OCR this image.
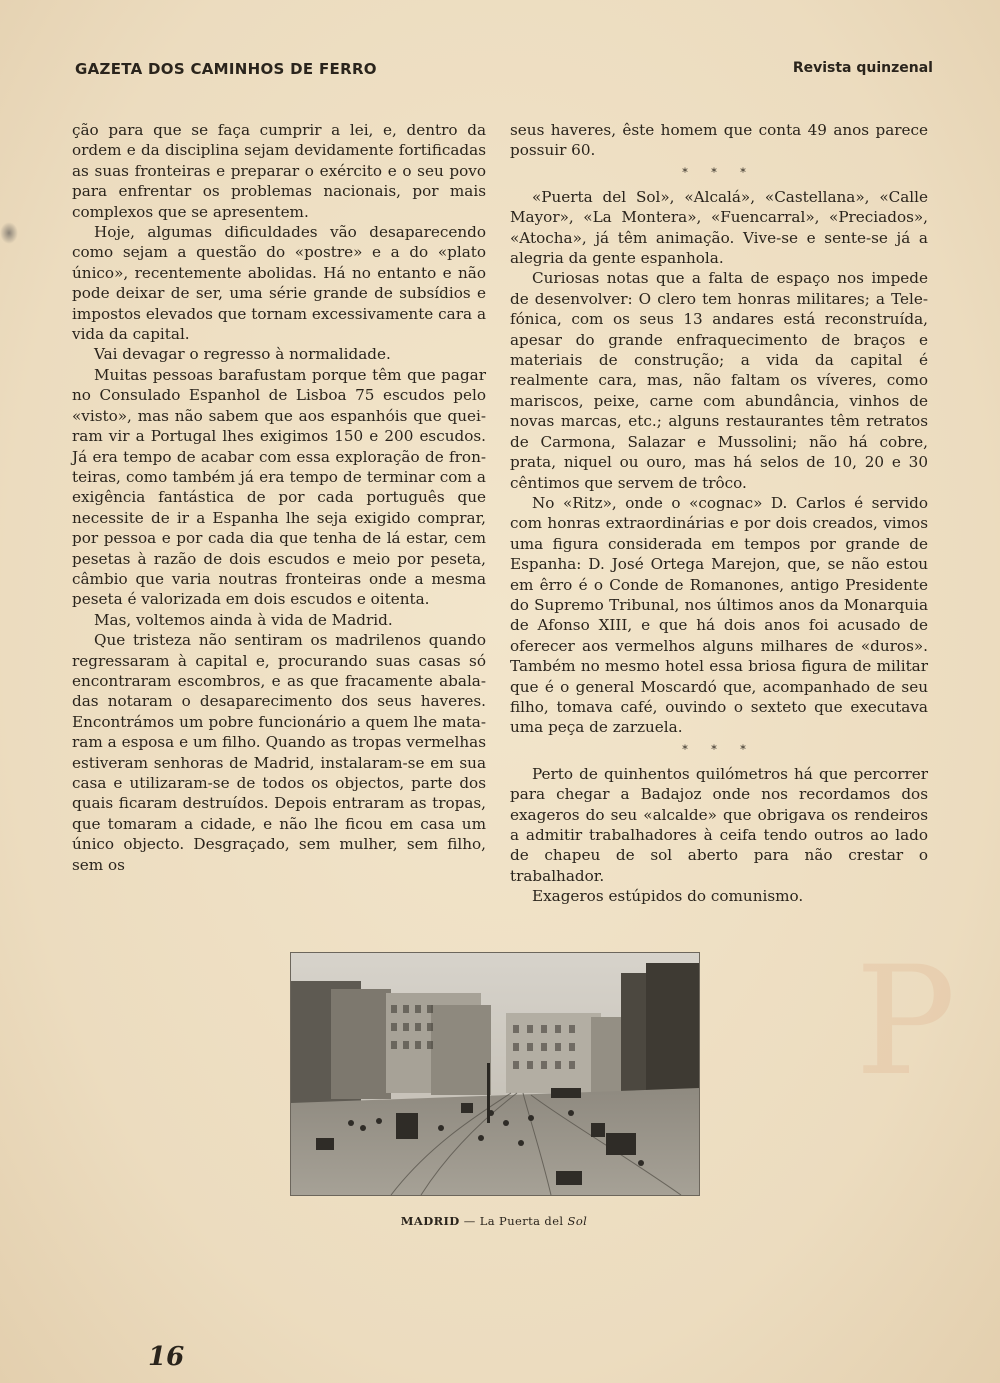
P
GAZETA DOS CAMINHOS DE FERRO	Revista quinzenal

ção para que se faça cumprir a lei, e, dentro da ordem e da disciplina sejam devidamente fortificadas as suas fronteiras e preparar o exército e o seu povo para enfrentar os problemas nacionais, por mais complexos que se apresentem.

Hoje, algumas dificuldades vão desaparecendo como sejam a questão do «postre» e a do «plato único», recentemente abolidas. Há no entanto e não pode deixar de ser, uma série grande de subsídios e impostos elevados que tornam excessivamente cara a vida da capital.

Vai devagar o regresso à normalidade.

Muitas pessoas barafustam porque têm que pagar no Consulado Espanhol de Lisboa 75 escudos pelo «visto», mas não sabem que aos espanhóis que queiram vir a Portugal lhes exigimos 150 e 200 escudos. Já era tempo de acabar com essa exploração de fronteiras, como também já era tempo de terminar com a exigência fantástica de por cada português que necessite de ir a Espanha lhe seja exigido comprar, por pessoa e por cada dia que tenha de lá estar, cem pesetas à razão de dois escudos e meio por peseta, câmbio que varia noutras fronteiras onde a mesma peseta é valorizada em dois escudos e oitenta.

Mas, voltemos ainda à vida de Madrid.

Que tristeza não sentiram os madrilenos quando regressaram à capital e, procurando suas casas só encontraram escombros, e as que fracamente abaladas notaram o desaparecimento dos seus haveres. Encontrámos um pobre funcionário a quem lhe mataram a esposa e um filho. Quando as tropas vermelhas estiveram senhoras de Madrid, instalaram-se em sua casa e utilizaram-se de todos os objectos, parte dos quais ficaram destruídos. Depois entraram as tropas, que tomaram a cidade, e não lhe ficou em casa um único objecto. Desgraçado, sem mulher, sem filho, sem os

seus haveres, êste homem que conta 49 anos parece possuir 60.

* * *

«Puerta del Sol», «Alcalá», «Castellana», «Calle Mayor», «La Montera», «Fuencarral», «Preciados», «Atocha», já têm animação. Vive-se e sente-se já a alegria da gente espanhola.

Curiosas notas que a falta de espaço nos impede de desenvolver: O clero tem honras militares; a Telefónica, com os seus 13 andares está reconstruída, apesar do grande enfraquecimento de braços e materiais de construção; a vida da capital é realmente cara, mas, não faltam os víveres, como mariscos, peixe, carne com abundância, vinhos de novas marcas, etc.; alguns restaurantes têm retratos de Carmona, Salazar e Mussolini; não há cobre, prata, niquel ou ouro, mas há selos de 10, 20 e 30 cêntimos que servem de trôco.

No «Ritz», onde o «cognac» D. Carlos é servido com honras extraordinárias e por dois creados, vimos uma figura considerada em tempos por grande de Espanha: D. José Ortega Marejon, que, se não estou em êrro é o Conde de Romanones, antigo Presidente do Supremo Tribunal, nos últimos anos da Monarquia de Afonso XIII, e que há dois anos foi acusado de oferecer aos vermelhos alguns milhares de «duros». Também no mesmo hotel essa briosa figura de militar que é o general Moscardó que, acompanhado de seu filho, tomava café, ouvindo o sexteto que executava uma peça de zarzuela.

* * *

Perto de quinhentos quilómetros há que percorrer para chegar a Badajoz onde nos recordamos dos exageros do seu «alcalde» que obrigava os rendeiros a admitir trabalhadores à ceifa tendo outros ao lado de chapeu de sol aberto para não crestar o trabalhador.

Exageros estúpidos do comunismo.

MADRID — La Puerta del Sol
16
